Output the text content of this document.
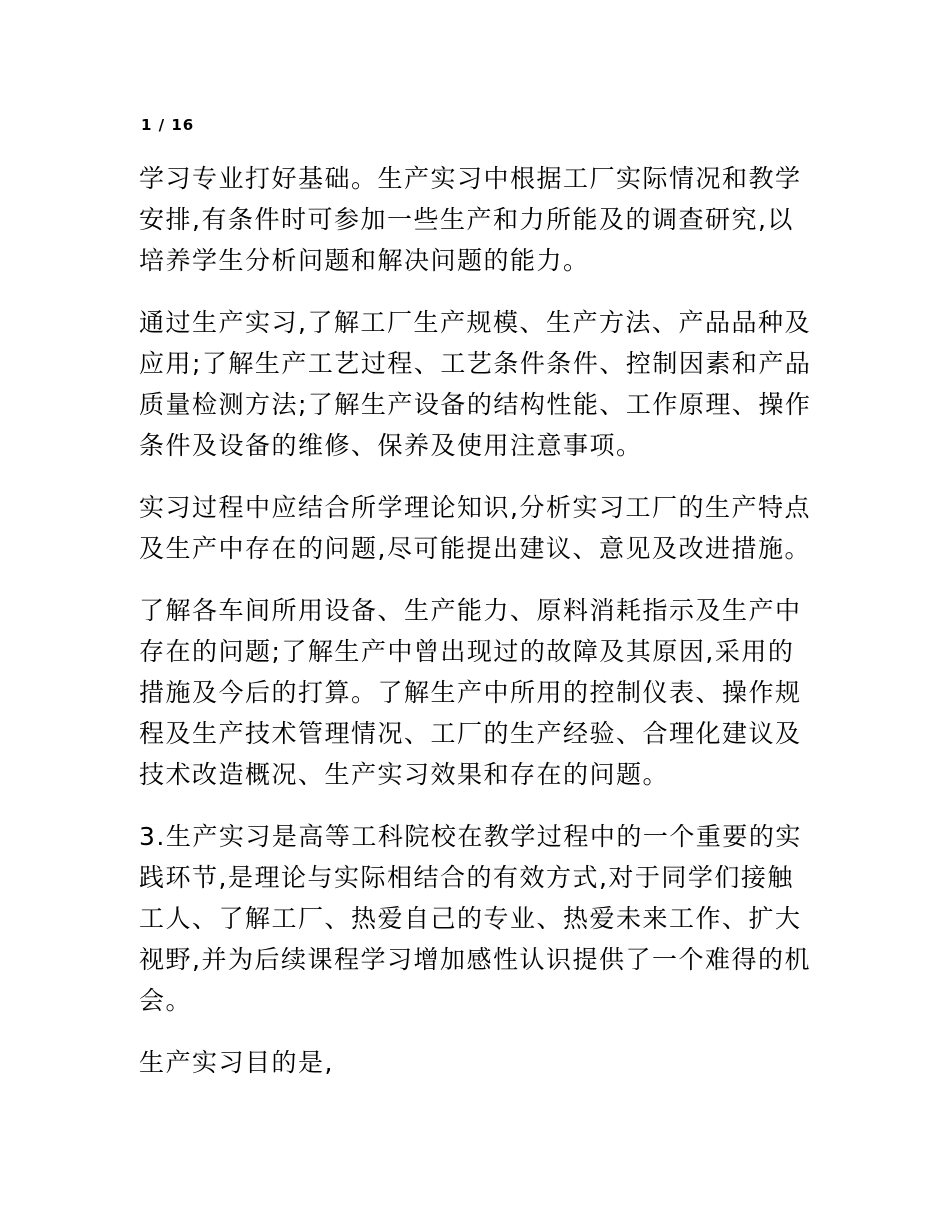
1 / 16

学习专业打好基础。生产实习中根据工厂实际情况和教学安排,有条件时可参加一些生产和力所能及的调查研究,以培养学生分析问题和解决问题的能力。

通过生产实习,了解工厂生产规模、生产方法、产品品种及应用;了解生产工艺过程、工艺条件条件、控制因素和产品质量检测方法;了解生产设备的结构性能、工作原理、操作条件及设备的维修、保养及使用注意事项。

实习过程中应结合所学理论知识,分析实习工厂的生产特点及生产中存在的问题,尽可能提出建议、意见及改进措施。

了解各车间所用设备、生产能力、原料消耗指示及生产中存在的问题;了解生产中曾出现过的故障及其原因,采用的措施及今后的打算。了解生产中所用的控制仪表、操作规程及生产技术管理情况、工厂的生产经验、合理化建议及技术改造概况、生产实习效果和存在的问题。

3.生产实习是高等工科院校在教学过程中的一个重要的实践环节,是理论与实际相结合的有效方式,对于同学们接触工人、了解工厂、热爱自己的专业、热爱未来工作、扩大视野,并为后续课程学习增加感性认识提供了一个难得的机会。

生产实习目的是,
